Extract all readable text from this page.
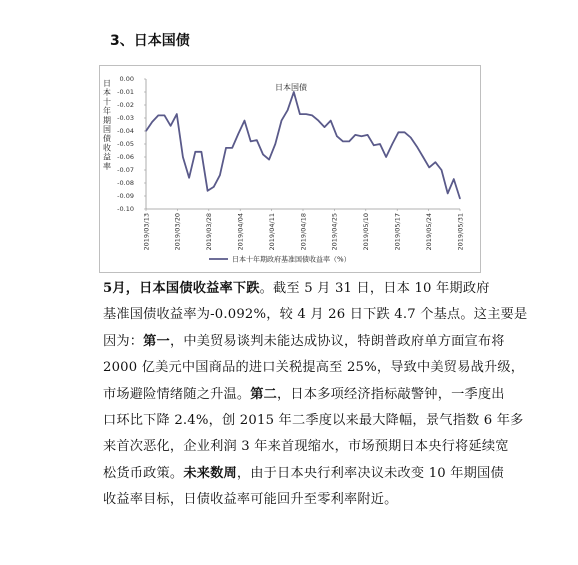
3、日本国债
0.00
-0.01
-0.02
-0.03
-0.04
-0.05
-0.06
-0.07
-0.08
-0.09
-0.10
日
本
十
年
期
国
债
收
益
率
2019/03/13	2019/03/20	2019/03/28	2019/04/04	2019/04/11	2019/04/18	2019/04/25	2019/05/10	2019/05/17	2019/05/24	2019/05/31
日本国债
日本十年期政府基准国债收益率（%）
5月，日本国债收益率下跌。截至 5 月 31 日，日本 10 年期政府
基准国债收益率为-0.092%，较 4 月 26 日下跌 4.7 个基点。这主要是
因为：第一，中美贸易谈判未能达成协议，特朗普政府单方面宣布将
2000 亿美元中国商品的进口关税提高至 25%，导致中美贸易战升级，
市场避险情绪随之升温。第二，日本多项经济指标敲警钟，一季度出
口环比下降 2.4%，创 2015 年二季度以来最大降幅，景气指数 6 年多
来首次恶化，企业利润 3 年来首现缩水，市场预期日本央行将延续宽
松货币政策。未来数周，由于日本央行利率决议未改变 10 年期国债
收益率目标，日债收益率可能回升至零利率附近。
